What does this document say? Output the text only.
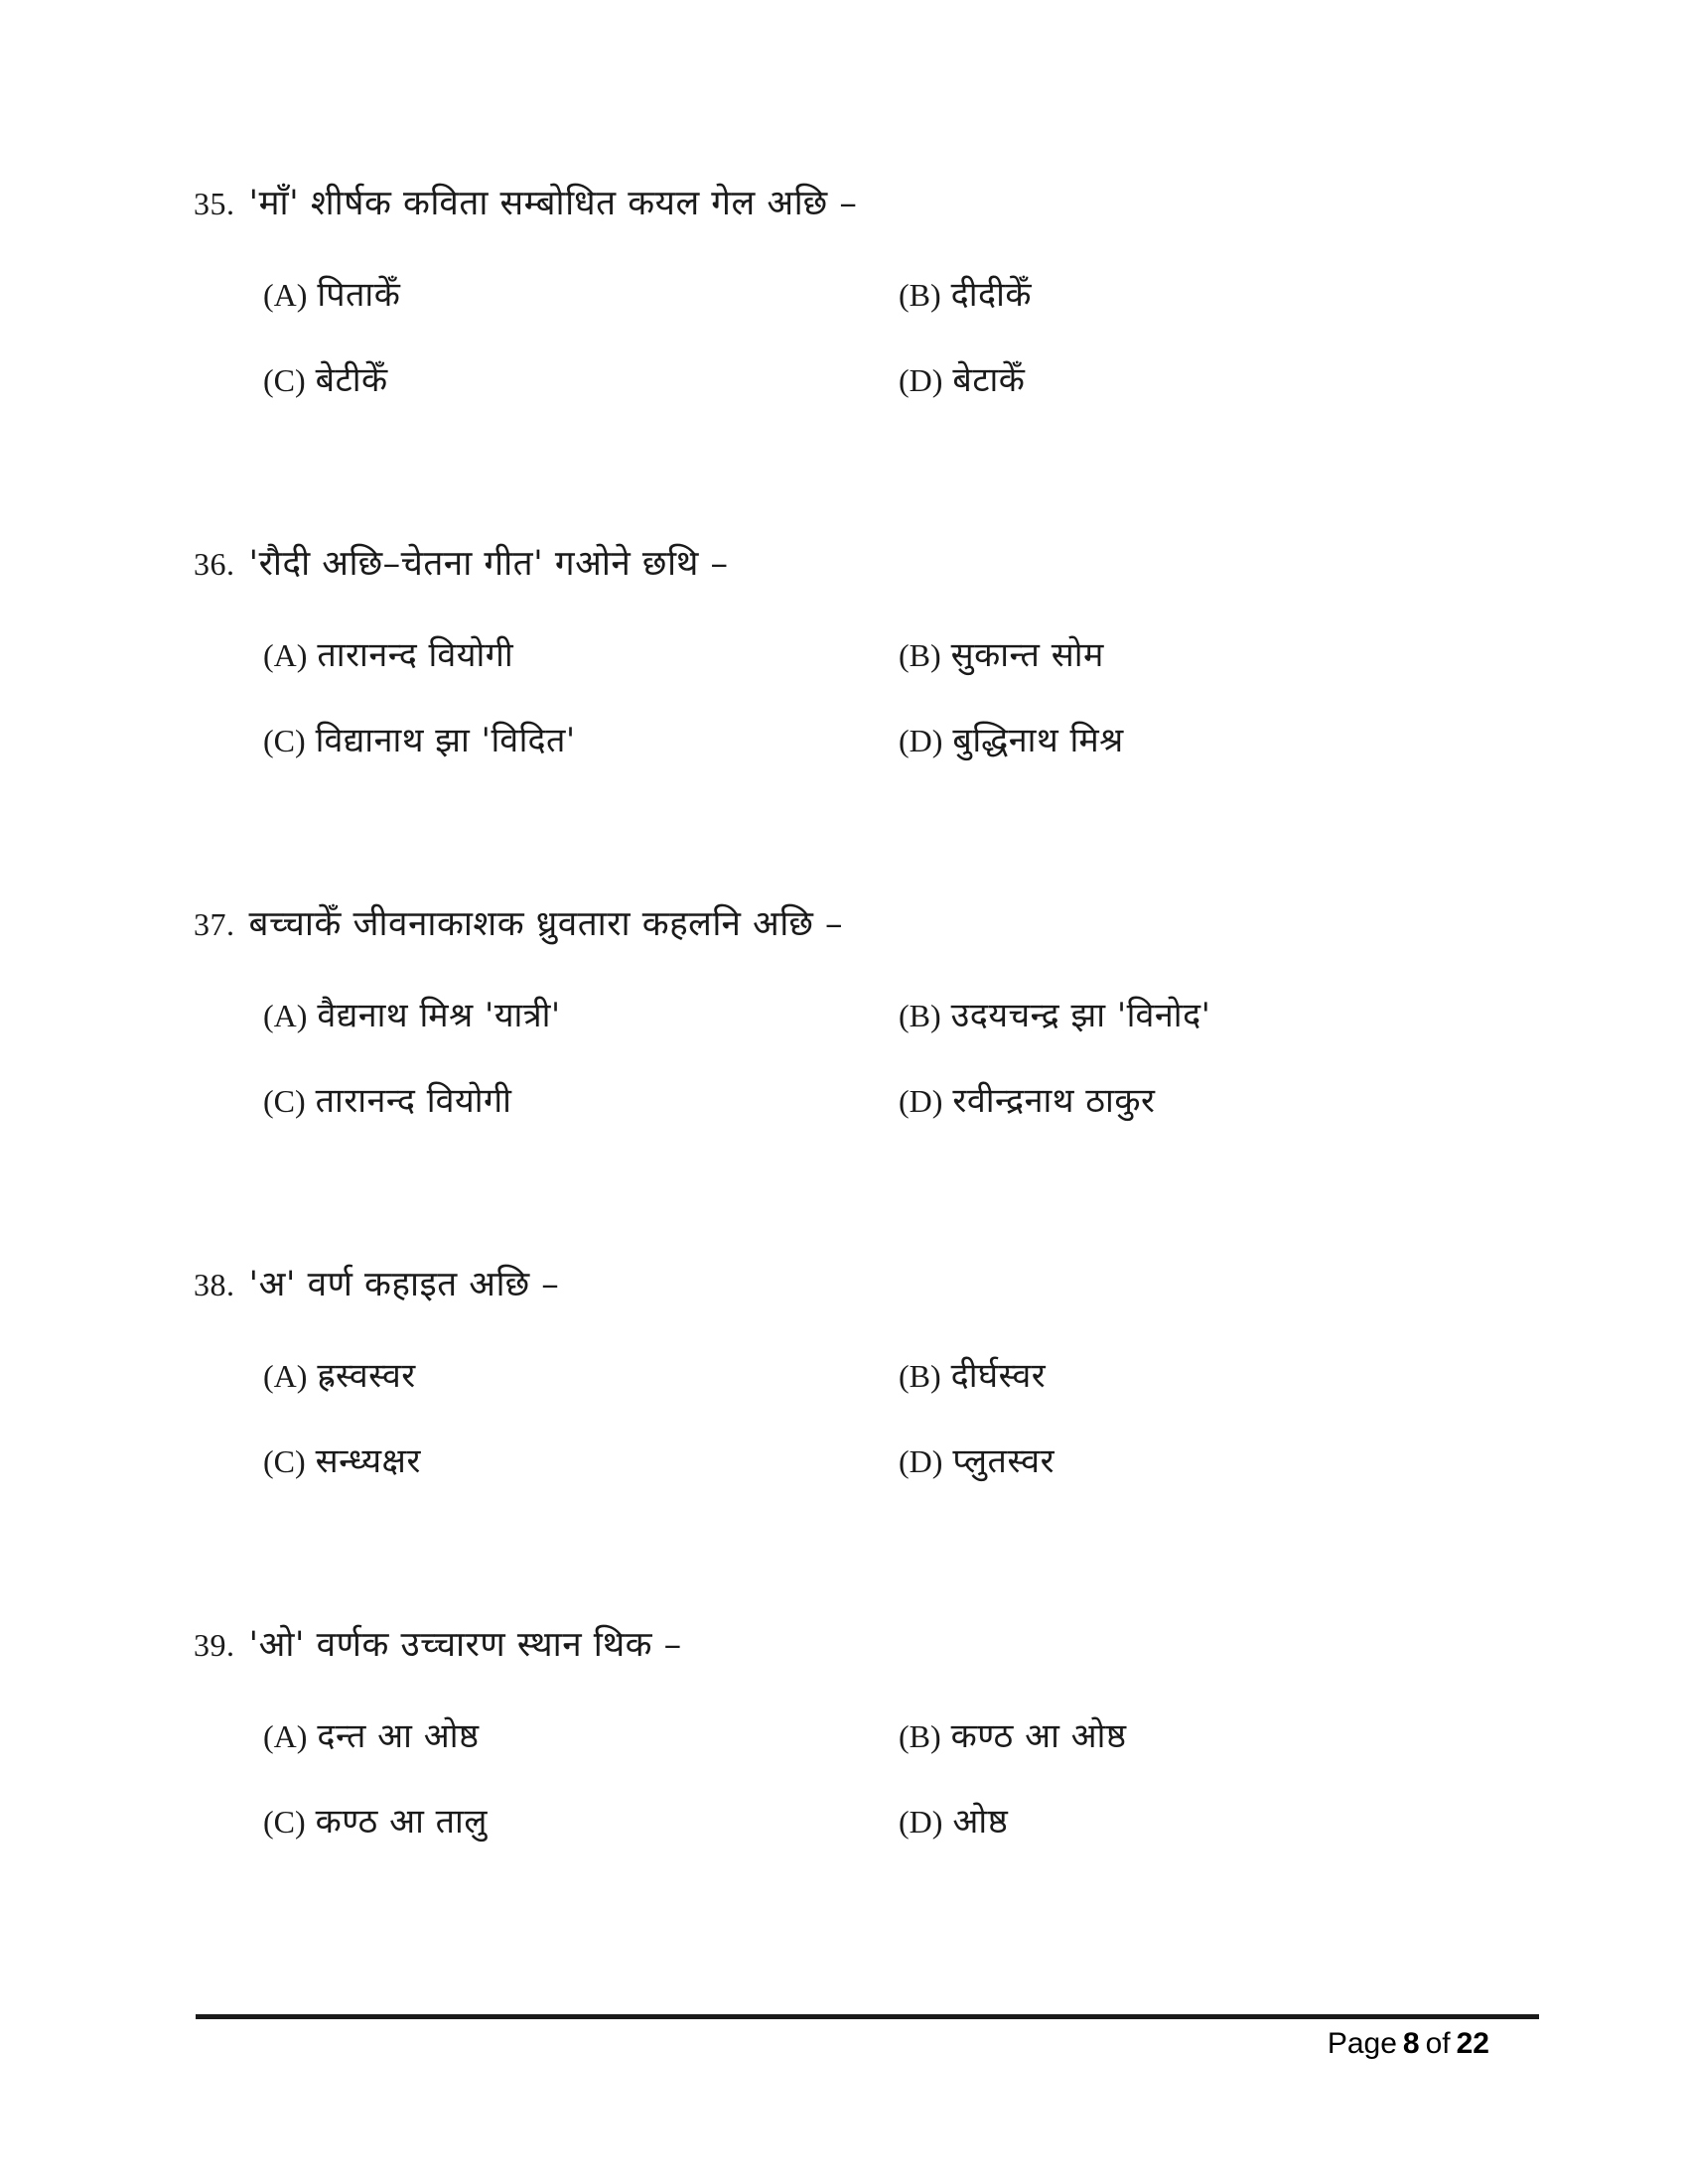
35. 'माँ' शीर्षक कविता सम्बोधित कयल गेल अछि –
(A) पिताकेँ	(B) दीदीकेँ
(C) बेटीकेँ	(D) बेटाकेँ
36. 'रौदी अछि–चेतना गीत' गओने छथि –
(A) तारानन्द वियोगी	(B) सुकान्त सोम
(C) विद्यानाथ झा 'विदित'	(D) बुद्धिनाथ मिश्र
37. बच्चाकेँ जीवनाकाशक ध्रुवतारा कहलनि अछि –
(A) वैद्यनाथ मिश्र 'यात्री'	(B) उदयचन्द्र झा 'विनोद'
(C) तारानन्द वियोगी	(D) रवीन्द्रनाथ ठाकुर
38. 'अ' वर्ण कहाइत अछि –
(A) ह्रस्वस्वर	(B) दीर्घस्वर
(C) सन्ध्यक्षर	(D) प्लुतस्वर
39. 'ओ' वर्णक उच्चारण स्थान थिक –
(A) दन्त आ ओष्ठ	(B) कण्ठ आ ओष्ठ
(C) कण्ठ आ तालु	(D) ओष्ठ
Page 8 of 22
